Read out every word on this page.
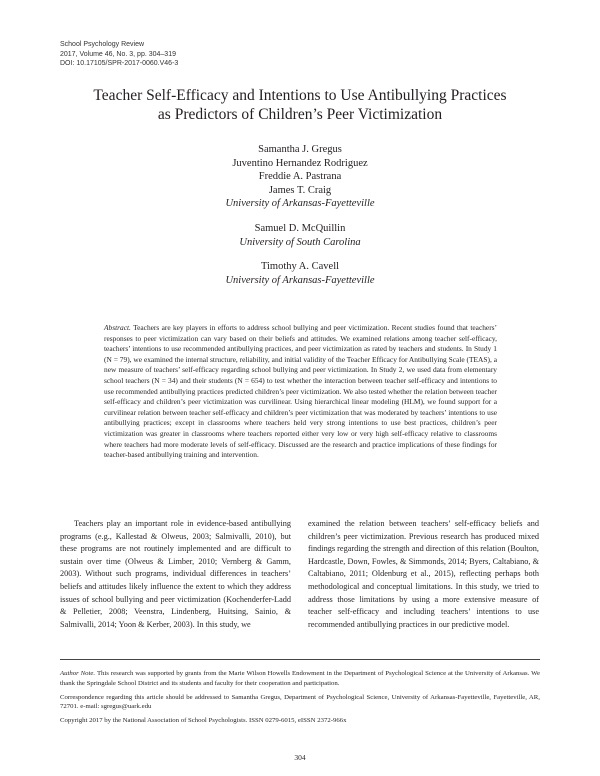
School Psychology Review
2017, Volume 46, No. 3, pp. 304–319
DOI: 10.17105/SPR-2017-0060.V46-3
Teacher Self-Efficacy and Intentions to Use Antibullying Practices
as Predictors of Children’s Peer Victimization
Samantha J. Gregus
Juventino Hernandez Rodriguez
Freddie A. Pastrana
James T. Craig
University of Arkansas-Fayetteville
Samuel D. McQuillin
University of South Carolina
Timothy A. Cavell
University of Arkansas-Fayetteville
Abstract. Teachers are key players in efforts to address school bullying and peer victimization. Recent studies found that teachers’ responses to peer victimization can vary based on their beliefs and attitudes. We examined relations among teacher self-efficacy, teachers’ intentions to use recommended antibullying practices, and peer victimization as rated by teachers and students. In Study 1 (N = 79), we examined the internal structure, reliability, and initial validity of the Teacher Efficacy for Antibullying Scale (TEAS), a new measure of teachers’ self-efficacy regarding school bullying and peer victimization. In Study 2, we used data from elementary school teachers (N = 34) and their students (N = 654) to test whether the interaction between teacher self-efficacy and intentions to use recommended antibullying practices predicted children’s peer victimization. We also tested whether the relation between teacher self-efficacy and children’s peer victimization was curvilinear. Using hierarchical linear modeling (HLM), we found support for a curvilinear relation between teacher self-efficacy and children’s peer victimization that was moderated by teachers’ intentions to use antibullying practices; except in classrooms where teachers held very strong intentions to use best practices, children’s peer victimization was greater in classrooms where teachers reported either very low or very high self-efficacy relative to classrooms where teachers had more moderate levels of self-efficacy. Discussed are the research and practice implications of these findings for teacher-based antibullying training and intervention.
Teachers play an important role in evidence-based antibullying programs (e.g., Kallestad & Olweus, 2003; Salmivalli, 2010), but these programs are not routinely implemented and are difficult to sustain over time (Olweus & Limber, 2010; Vernberg & Gamm, 2003). Without such programs, individual differences in teachers’ beliefs and attitudes likely influence the extent to which they address issues of school bullying and peer victimization (Kochenderfer-Ladd & Pelletier, 2008; Veenstra, Lindenberg, Huitsing, Sainio, & Salmivalli, 2014; Yoon & Kerber, 2003). In this study, we
examined the relation between teachers’ self-efficacy beliefs and children’s peer victimization. Previous research has produced mixed findings regarding the strength and direction of this relation (Boulton, Hardcastle, Down, Fowles, & Simmonds, 2014; Byers, Caltabiano, & Caltabiano, 2011; Oldenburg et al., 2015), reflecting perhaps both methodological and conceptual limitations. In this study, we tried to address those limitations by using a more extensive measure of teacher self-efficacy and including teachers’ intentions to use recommended antibullying practices in our predictive model.

Author Note. This research was supported by grants from the Marie Wilson Howells Endowment in the Department of Psychological Science at the University of Arkansas. We thank the Springdale School District and its students and faculty for their cooperation and participation.

Correspondence regarding this article should be addressed to Samantha Gregus, Department of Psychological Science, University of Arkansas-Fayetteville, Fayetteville, AR, 72701. e-mail: sgregus@uark.edu

Copyright 2017 by the National Association of School Psychologists. ISSN 0279-6015, eISSN 2372-966x

304
